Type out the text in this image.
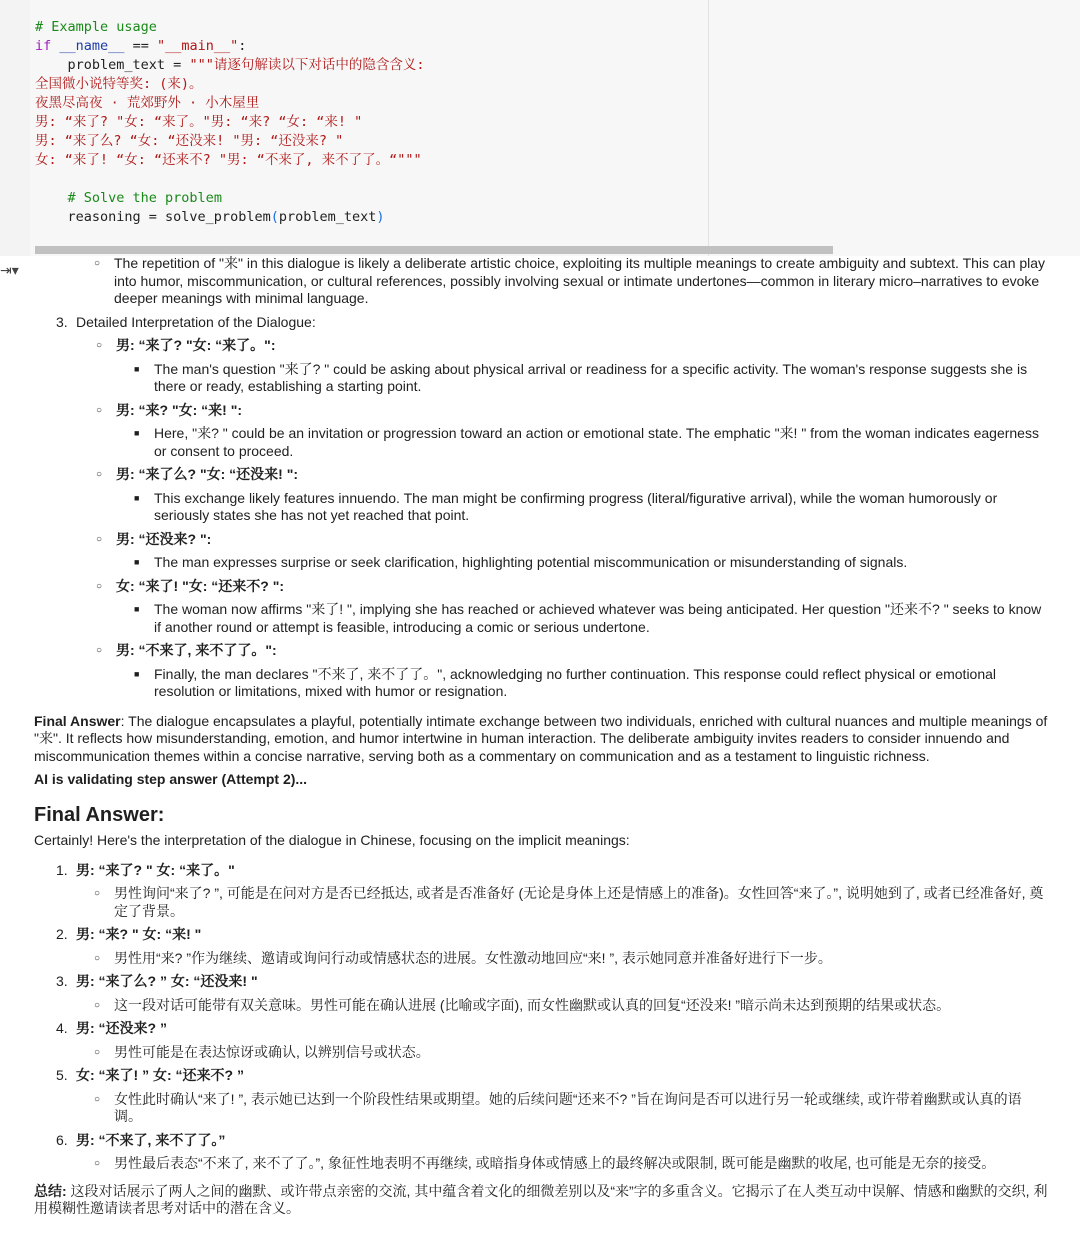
# Example usage
if __name__ == "__main__":
problem_text = """请逐句解读以下对话中的隐含含义:
全国微小说特等奖: (来)。
夜黑尽高夜 · 荒郊野外 · 小木屋里
男: “来了? "女: “来了。"男: “来? “女: “来! "
男: “来了么? “女: “还没来! "男: “还没来? "
女: “来了! “女: “还来不? "男: “不来了, 来不了了。“"""

# Solve the problem
reasoning = solve_problem(problem_text)
⇥▾	○ The repetition of "来" in this dialogue is likely a deliberate artistic choice, exploiting its multiple meanings to create ambiguity and subtext. This can play into humor, miscommunication, or cultural references, possibly involving sexual or intimate undertones—common in literary micro–narratives to evoke deeper meanings with minimal language.
3. Detailed Interpretation of the Dialogue:
○ 男: “来了? "女: “来了。":
■ The man's question "来了? " could be asking about physical arrival or readiness for a specific activity. The woman's response suggests she is there or ready, establishing a starting point.
○ 男: “来? "女: “来! ":
■ Here, "来? " could be an invitation or progression toward an action or emotional state. The emphatic "来! " from the woman indicates eagerness or consent to proceed.
○ 男: “来了么? "女: “还没来! ":
■ This exchange likely features innuendo. The man might be confirming progress (literal/figurative arrival), while the woman humorously or seriously states she has not yet reached that point.
○ 男: “还没来? ":
■ The man expresses surprise or seek clarification, highlighting potential miscommunication or misunderstanding of signals.
○ 女: “来了! "女: “还来不? ":
■ The woman now affirms "来了! ", implying she has reached or achieved whatever was being anticipated. Her question "还来不? " seeks to know if another round or attempt is feasible, introducing a comic or serious undertone.
○ 男: “不来了, 来不了了。":
■ Finally, the man declares "不来了, 来不了了。", acknowledging no further continuation. This response could reflect physical or emotional resolution or limitations, mixed with humor or resignation.

Final Answer: The dialogue encapsulates a playful, potentially intimate exchange between two individuals, enriched with cultural nuances and multiple meanings of "来". It reflects how misunderstanding, emotion, and humor intertwine in human interaction. The deliberate ambiguity invites readers to consider innuendo and miscommunication themes within a concise narrative, serving both as a commentary on communication and as a testament to linguistic richness.

AI is validating step answer (Attempt 2)...

Final Answer:

Certainly! Here's the interpretation of the dialogue in Chinese, focusing on the implicit meanings:

1. 男: “来了? " 女: “来了。"
○ 男性询问“来了? ”, 可能是在问对方是否已经抵达, 或者是否准备好 (无论是身体上还是情感上的准备)。女性回答“来了。”, 说明她到了, 或者已经准备好, 奠定了背景。
2. 男: “来? " 女: “来! "
○ 男性用“来? ”作为继续、邀请或询问行动或情感状态的进展。女性激动地回应“来! ”, 表示她同意并准备好进行下一步。
3. 男: “来了么? ” 女: “还没来! "
○ 这一段对话可能带有双关意味。男性可能在确认进展 (比喻或字面), 而女性幽默或认真的回复“还没来! ”暗示尚未达到预期的结果或状态。
4. 男: “还没来? ”
○ 男性可能是在表达惊讶或确认, 以辨别信号或状态。
5. 女: “来了! ” 女: “还来不? ”
○ 女性此时确认“来了! ”, 表示她已达到一个阶段性结果或期望。她的后续问题“还来不? ”旨在询问是否可以进行另一轮或继续, 或许带着幽默或认真的语调。
6. 男: “不来了, 来不了了。”
○ 男性最后表态“不来了, 来不了了。”, 象征性地表明不再继续, 或暗指身体或情感上的最终解决或限制, 既可能是幽默的收尾, 也可能是无奈的接受。

总结: 这段对话展示了两人之间的幽默、或许带点亲密的交流, 其中蕴含着文化的细微差别以及“来”字的多重含义。它揭示了在人类互动中误解、情感和幽默的交织, 利用模糊性邀请读者思考对话中的潜在含义。
